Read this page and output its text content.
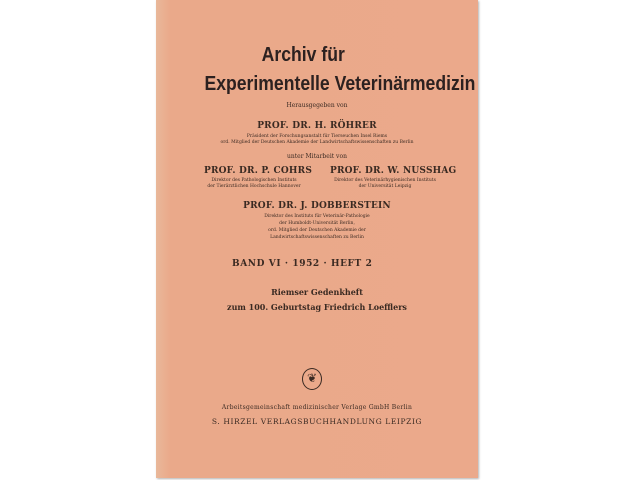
Archiv für
Experimentelle Veterinärmedizin
Herausgegeben von
PROF. DR. H. RÖHRER
Präsident der Forschungsanstalt für Tierseuchen Insel Riems
ord. Mitglied der Deutschen Akademie der Landwirtschaftswissenschaften zu Berlin
unter Mitarbeit von
PROF. DR. P. COHRS
Direktor des Pathologischen Instituts
der Tierärztlichen Hochschule Hannover
PROF. DR. W. NUSSHAG
Direktor des Veterinärhygienischen Instituts
der Universität Leipzig
PROF. DR. J. DOBBERSTEIN
Direktor des Instituts für Veterinär-Pathologie
der Humboldt-Universität Berlin,
ord. Mitglied der Deutschen Akademie der
Landwirtschaftswissenschaften zu Berlin
BAND VI · 1952 · HEFT 2
Riemser Gedenkheft
zum 100. Geburtstag Friedrich Loefflers
❦
Arbeitsgemeinschaft medizinischer Verlage GmbH Berlin
S. HIRZEL VERLAGSBUCHHANDLUNG LEIPZIG
